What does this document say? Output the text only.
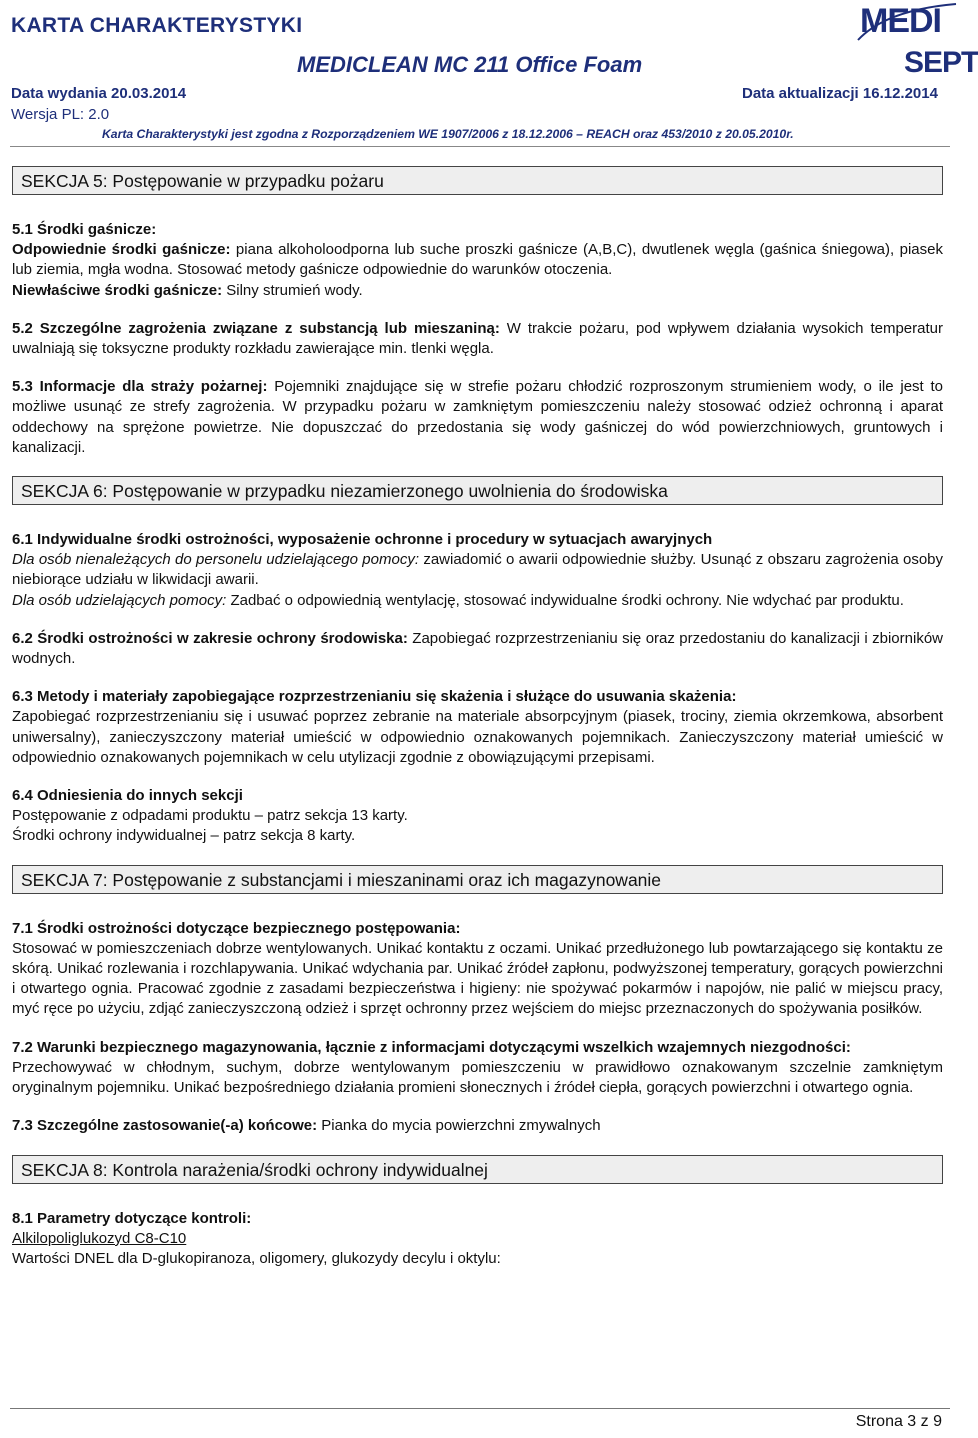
KARTA CHARAKTERYSTYKI
MEDICLEAN MC 211 Office Foam
Data wydania 20.03.2014	Data aktualizacji 16.12.2014
Wersja PL: 2.0
Karta Charakterystyki jest zgodna z Rozporządzeniem WE 1907/2006 z 18.12.2006 – REACH oraz 453/2010 z 20.05.2010r.
MEDI
SEPT
SEKCJA 5: Postępowanie w przypadku pożaru

5.1 Środki gaśnicze:

Odpowiednie środki gaśnicze: piana alkoholoodporna lub suche proszki gaśnicze (A,B,C), dwutlenek węgla (gaśnica śniegowa), piasek lub ziemia, mgła wodna. Stosować metody gaśnicze odpowiednie do warunków otoczenia.

Niewłaściwe środki gaśnicze: Silny strumień wody.

5.2 Szczególne zagrożenia związane z substancją lub mieszaniną: W trakcie pożaru, pod wpływem działania wysokich temperatur uwalniają się toksyczne produkty rozkładu zawierające min. tlenki węgla.

5.3 Informacje dla straży pożarnej: Pojemniki znajdujące się w strefie pożaru chłodzić rozproszonym strumieniem wody, o ile jest to możliwe usunąć ze strefy zagrożenia. W przypadku pożaru w zamkniętym pomieszczeniu należy stosować odzież ochronną i aparat oddechowy na sprężone powietrze. Nie dopuszczać do przedostania się wody gaśniczej do wód powierzchniowych, gruntowych i kanalizacji.

SEKCJA 6: Postępowanie w przypadku niezamierzonego uwolnienia do środowiska

6.1 Indywidualne środki ostrożności, wyposażenie ochronne i procedury w sytuacjach awaryjnych

Dla osób nienależących do personelu udzielającego pomocy: zawiadomić o awarii odpowiednie służby. Usunąć z obszaru zagrożenia osoby niebiorące udziału w likwidacji awarii.

Dla osób udzielających pomocy: Zadbać o odpowiednią wentylację, stosować indywidualne środki ochrony. Nie wdychać par produktu.

6.2 Środki ostrożności w zakresie ochrony środowiska: Zapobiegać rozprzestrzenianiu się oraz przedostaniu do kanalizacji i zbiorników wodnych.

6.3 Metody i materiały zapobiegające rozprzestrzenianiu się skażenia i służące do usuwania skażenia:

Zapobiegać rozprzestrzenianiu się i usuwać poprzez zebranie na materiale absorpcyjnym (piasek, trociny, ziemia okrzemkowa, absorbent uniwersalny), zanieczyszczony materiał umieścić w odpowiednio oznakowanych pojemnikach. Zanieczyszczony materiał umieścić w odpowiednio oznakowanych pojemnikach w celu utylizacji zgodnie z obowiązującymi przepisami.

6.4 Odniesienia do innych sekcji

Postępowanie z odpadami produktu – patrz sekcja 13 karty.

Środki ochrony indywidualnej – patrz sekcja 8 karty.

SEKCJA 7: Postępowanie z substancjami i mieszaninami oraz ich magazynowanie

7.1 Środki ostrożności dotyczące bezpiecznego postępowania:

Stosować w pomieszczeniach dobrze wentylowanych. Unikać kontaktu z oczami. Unikać przedłużonego lub powtarzającego się kontaktu ze skórą. Unikać rozlewania i rozchlapywania. Unikać wdychania par. Unikać źródeł zapłonu, podwyższonej temperatury, gorących powierzchni i otwartego ognia. Pracować zgodnie z zasadami bezpieczeństwa i higieny: nie spożywać pokarmów i napojów, nie palić w miejscu pracy, myć ręce po użyciu, zdjąć zanieczyszczoną odzież i sprzęt ochronny przez wejściem do miejsc przeznaczonych do spożywania posiłków.

7.2 Warunki bezpiecznego magazynowania, łącznie z informacjami dotyczącymi wszelkich wzajemnych niezgodności:

Przechowywać w chłodnym, suchym, dobrze wentylowanym pomieszczeniu w prawidłowo oznakowanym szczelnie zamkniętym oryginalnym pojemniku. Unikać bezpośredniego działania promieni słonecznych i źródeł ciepła, gorących powierzchni i otwartego ognia.

7.3 Szczególne zastosowanie(-a) końcowe: Pianka do mycia powierzchni zmywalnych

SEKCJA 8: Kontrola narażenia/środki ochrony indywidualnej

8.1 Parametry dotyczące kontroli:

Alkilopoliglukozyd C8-C10

Wartości DNEL dla D-glukopiranoza, oligomery, glukozydy decylu i oktylu:

Strona 3 z 9
